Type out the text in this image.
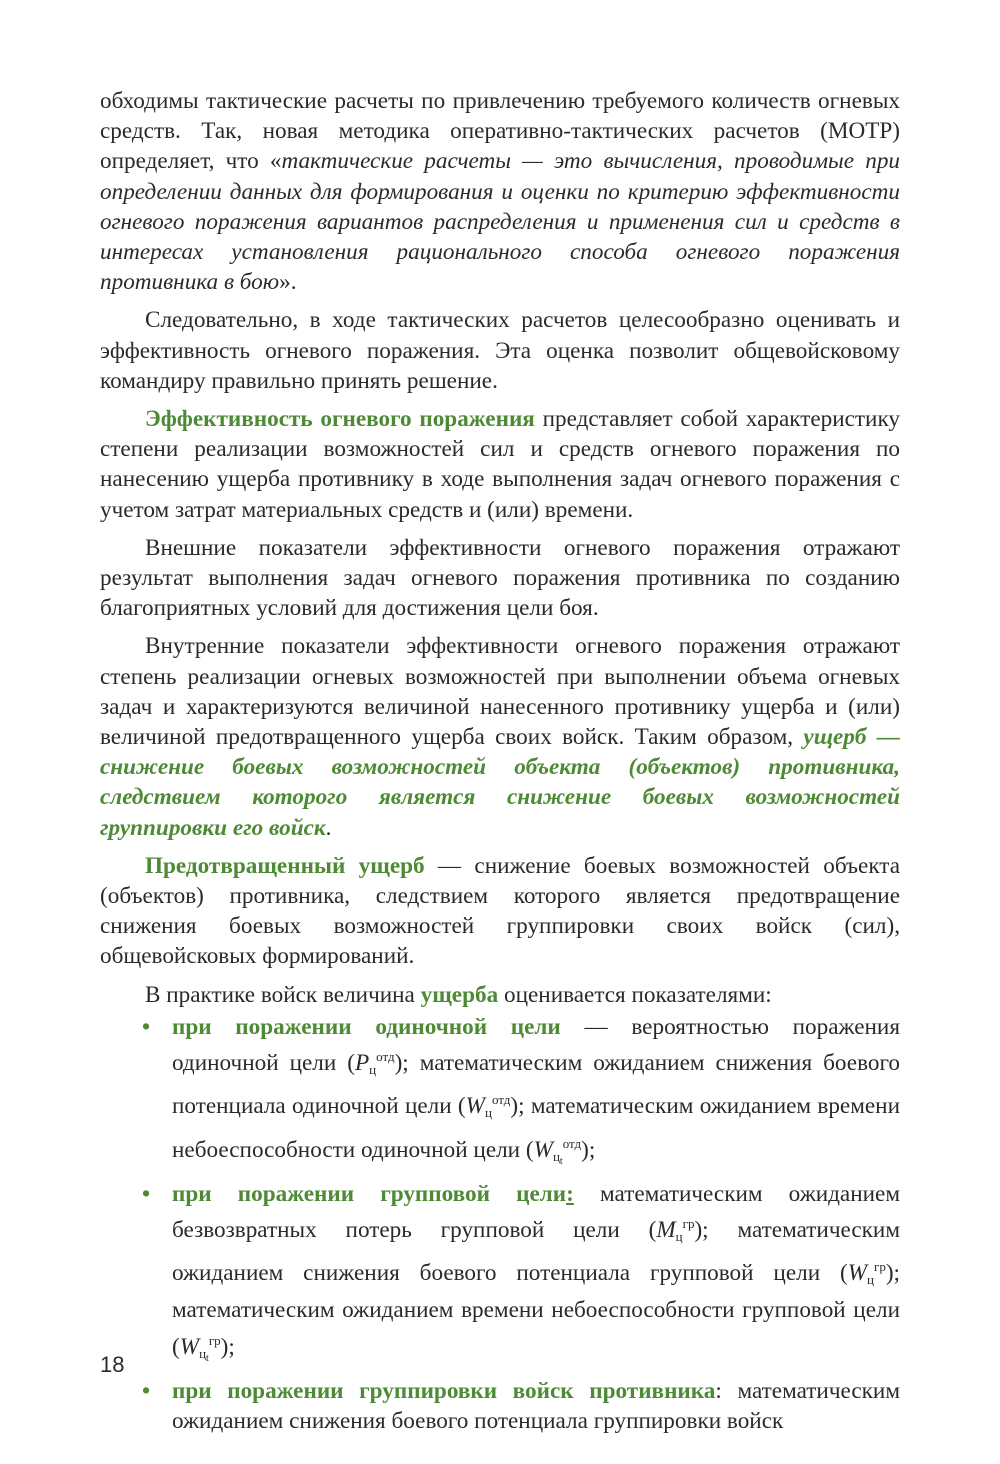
обходимы тактические расчеты по привлечению требуемого количеств огневых средств. Так, новая методика оперативно-тактических расчетов (МОТР) определяет, что «тактические расчеты — это вычисления, проводимые при определении данных для формирования и оценки по критерию эффективности огневого поражения вариантов распределения и применения сил и средств в интересах установления рационального способа огневого поражения противника в бою».

Следовательно, в ходе тактических расчетов целесообразно оценивать и эффективность огневого поражения. Эта оценка позволит общевойсковому командиру правильно принять решение.

Эффективность огневого поражения представляет собой характеристику степени реализации возможностей сил и средств огневого поражения по нанесению ущерба противнику в ходе выполнения задач огневого поражения с учетом затрат материальных средств и (или) времени.

Внешние показатели эффективности огневого поражения отражают результат выполнения задач огневого поражения противника по созданию благоприятных условий для достижения цели боя.

Внутренние показатели эффективности огневого поражения отражают степень реализации огневых возможностей при выполнении объема огневых задач и характеризуются величиной нанесенного противнику ущерба и (или) величиной предотвращенного ущерба своих войск. Таким образом, ущерб — снижение боевых возможностей объекта (объектов) противника, следствием которого является снижение боевых возможностей группировки его войск.

Предотвращенный ущерб — снижение боевых возможностей объекта (объектов) противника, следствием которого является предотвращение снижения боевых возможностей группировки своих войск (сил), общевойсковых формирований.

В практике войск величина ущерба оценивается показателями:

• при поражении одиночной цели — вероятностью поражения одиночной цели $(P_ц^{отд})$; математическим ожиданием снижения боевого потенциала одиночной цели $(W_ц^{отд})$; математическим ожиданием времени небоеспособности одиночной цели $(W_{цt}^{отд})$;
• при поражении групповой цели: математическим ожиданием безвозвратных потерь групповой цели $(M_ц^{гр})$; математическим ожиданием снижения боевого потенциала групповой цели $(W_ц^{гр})$; математическим ожиданием времени небоеспособности групповой цели $(W_{цt}^{гр})$;
• при поражении группировки войск противника: математическим ожиданием снижения боевого потенциала группировки войск
18
